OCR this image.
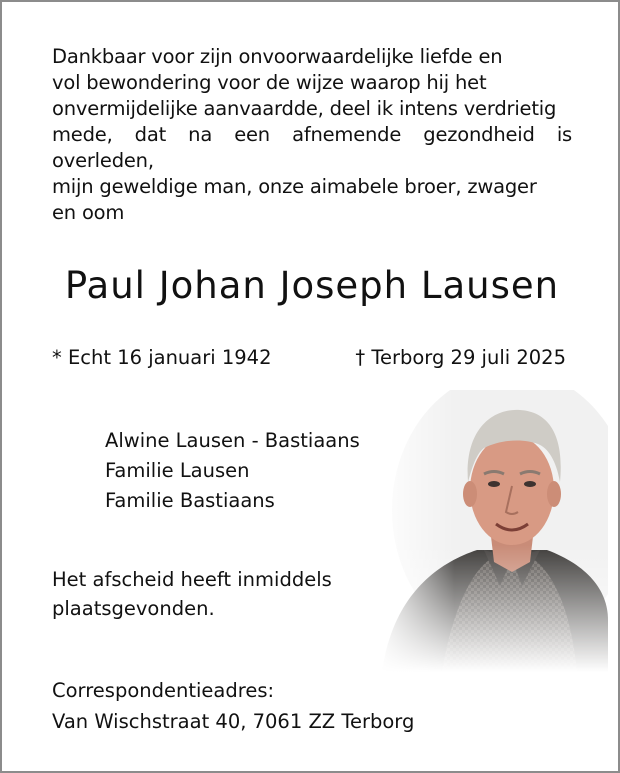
Dankbaar voor zijn onvoorwaardelijke liefde en
vol bewondering voor de wijze waarop hij het
onvermijdelijke aanvaardde, deel ik intens verdrietig
mede, dat na een afnemende gezondheid is overleden,
mijn geweldige man, onze aimabele broer, zwager
en oom

Paul Johan Joseph Lausen

* Echt 16 januari 1942	† Terborg 29 juli 2025

Alwine Lausen - Bastiaans
Familie Lausen
Familie Bastiaans

Het afscheid heeft inmiddels
plaatsgevonden.

Correspondentieadres:
Van Wischstraat 40, 7061 ZZ Terborg
